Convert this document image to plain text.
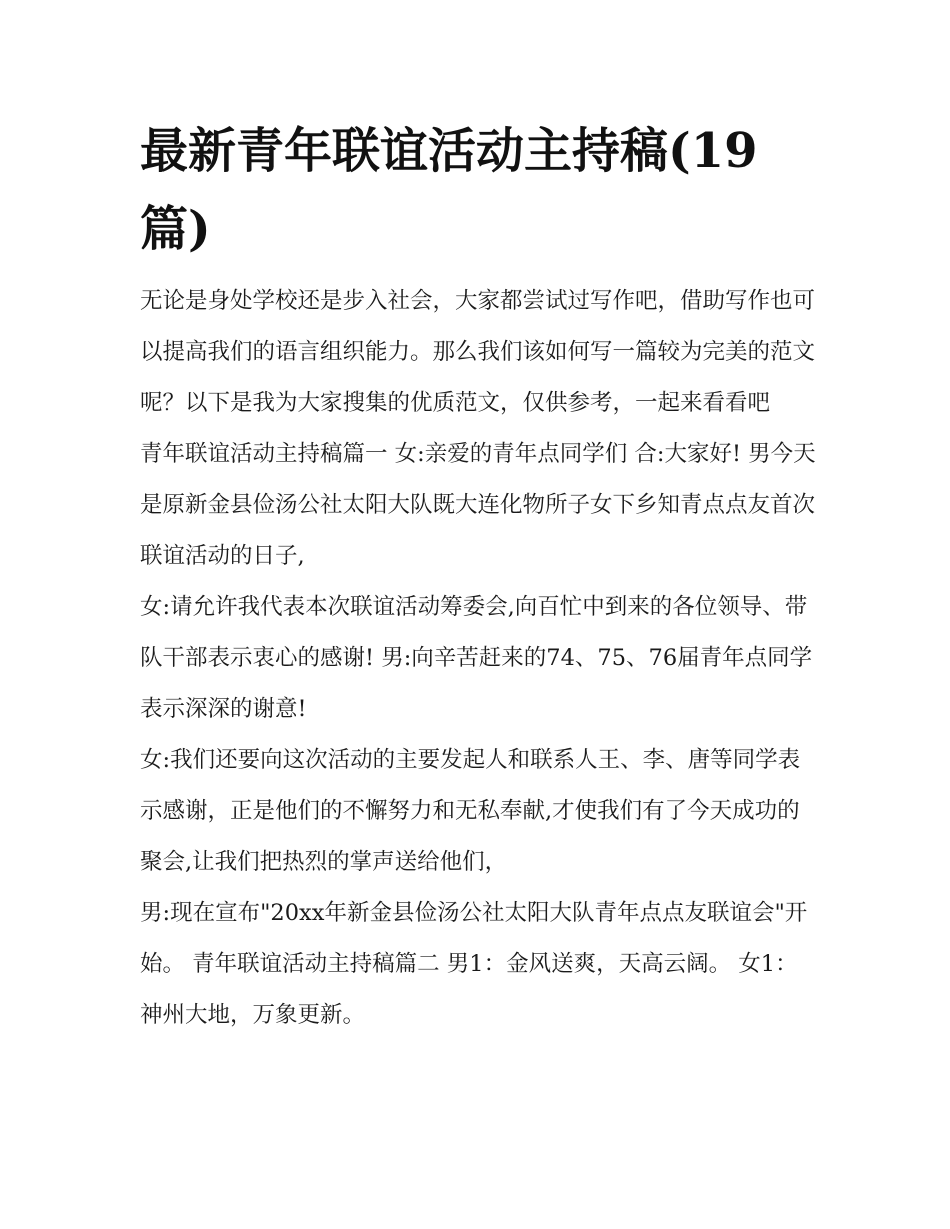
最新青年联谊活动主持稿(19篇)

无论是身处学校还是步入社会，大家都尝试过写作吧，借助写作也可以提高我们的语言组织能力。那么我们该如何写一篇较为完美的范文呢？以下是我为大家搜集的优质范文，仅供参考，一起来看看吧

青年联谊活动主持稿篇一 女:亲爱的青年点同学们 合:大家好! 男今天是原新金县俭汤公社太阳大队既大连化物所子女下乡知青点点友首次联谊活动的日子,

女:请允许我代表本次联谊活动筹委会,向百忙中到来的各位领导、带队干部表示衷心的感谢! 男:向辛苦赶来的74、75、76届青年点同学表示深深的谢意!

女:我们还要向这次活动的主要发起人和联系人王、李、唐等同学表示感谢，正是他们的不懈努力和无私奉献,才使我们有了今天成功的聚会,让我们把热烈的掌声送给他们，

男:现在宣布"20xx年新金县俭汤公社太阳大队青年点点友联谊会"开始。 青年联谊活动主持稿篇二 男1：金风送爽，天高云阔。 女1：神州大地，万象更新。
